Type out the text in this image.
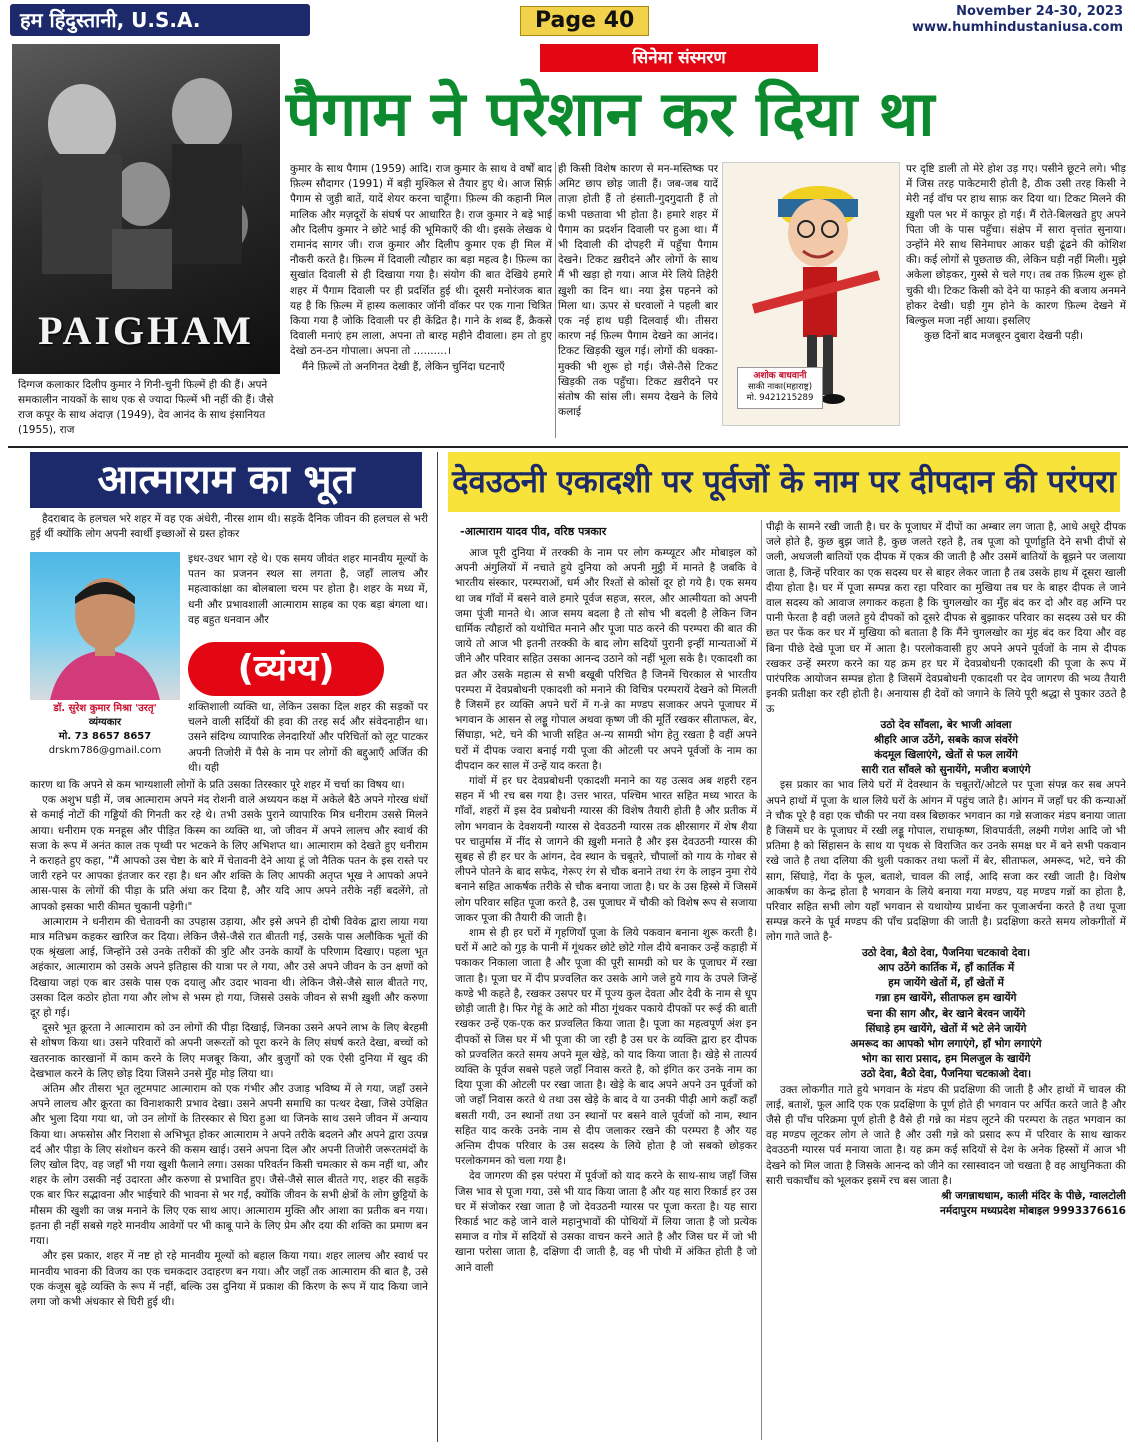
हम हिंदुस्तानी, U.S.A.	Page 40	November 24-30, 2023
www.humhindustaniusa.com
PAIGHAM
दिग्गज कलाकार दिलीप कुमार ने गिनी-चुनी फिल्में ही की हैं। अपने समकालीन नायकों के साथ एक से ज्यादा फिल्में भी नहीं की हैं। जैसे राज कपूर के साथ अंदाज़ (1949), देव आनंद के साथ इंसानियत (1955), राज
सिनेमा संस्मरण
पैगाम ने परेशान कर दिया था

कुमार के साथ पैगाम (1959) आदि। राज कुमार के साथ वे वर्षों बाद फ़िल्म सौदागर (1991) में बड़ी मुश्किल से तैयार हुए थे। आज सिर्फ़ पैगाम से जुड़ी बातें, यादें शेयर करना चाहूँगा। फ़िल्म की कहानी मिल मालिक और मज़दूरों के संघर्ष पर आधारित है। राज कुमार ने बड़े भाई और दिलीप कुमार ने छोटे भाई की भूमिकाएँ की थी। इसके लेखक थे रामानंद सागर जी। राज कुमार और दिलीप कुमार एक ही मिल में नौकरी करते है। फ़िल्म में दिवाली त्यौहार का बड़ा महत्व है। फ़िल्म का सुखांत दिवाली से ही दिखाया गया है। संयोग की बात देखिये हमारे शहर में पैगाम दिवाली पर ही प्रदर्शित हुई थी। दूसरी मनोरंजक बात यह है कि फ़िल्म में हास्य कलाकार जॉनी वॉकर पर एक गाना चित्रित किया गया है जोकि दिवाली पर ही केंद्रित है। गाने के शब्द हैं, क्रैकसे दिवाली मनाएं हम लाला, अपना तो बारह महीने दीवाला। हम तो हुए देखो ठन-ठन गोपाला। अपना तो ..........।

मैंने फ़िल्में तो अनगिनत देखी हैं, लेकिन चुनिंदा घटनाएँ

ही किसी विशेष कारण से मन-मस्तिष्क पर अमिट छाप छोड़ जाती हैं। जब-जब यादें ताज़ा होती हैं तो हंसाती-गुदगुदाती हैं तो कभी पछतावा भी होता है। हमारे शहर में पैगाम का प्रदर्शन दिवाली पर हुआ था। मैं भी दिवाली की दोपहरी में पहुँचा पैगाम देखने। टिकट ख़रीदने और लोगों के साथ मैं भी खड़ा हो गया। आज मेरे लिये तिहेरी ख़ुशी का दिन था। नया ड्रेस पहनने को मिला था। ऊपर से घरवालों ने पहली बार एक नई हाथ घड़ी दिलवाई थी। तीसरा कारण नई फ़िल्म पैगाम देखने का आनंद। टिकट खिड़की खुल गई। लोगों की धक्का-मुक्की भी शुरू हो गई। जैसे-तैसे टिकट खिड़की तक पहुँचा। टिकट ख़रीदने पर संतोष की सांस ली। समय देखने के लिये कलाई

अशोक बाधवानी
साकी नाका(महाराष्ट्र)
मो. 9421215289

पर दृष्टि डाली तो मेरे होश उड़ गए। पसीने छूटने लगे। भीड़ में जिस तरह पाकेटमारी होती है, ठीक उसी तरह किसी ने मेरी नई वॉच पर हाथ साफ़ कर दिया था। टिकट मिलने की ख़ुशी पल भर में काफूर हो गई। मैं रोते-बिलखते हुए अपने पिता जी के पास पहुँचा। संक्षेप में सारा वृत्तांत सुनाया। उन्होंने मेरे साथ सिनेमाघर आकर घड़ी ढूंढने की कोशिश की। कई लोगों से पूछताछ की, लेकिन घड़ी नहीं मिली। मुझे अकेला छोड़कर, गुस्से से चले गए। तब तक फ़िल्म शुरू हो चुकी थी। टिकट किसी को देने या फाड़ने की बजाय अनमने होकर देखी। घड़ी गुम होने के कारण फ़िल्म देखने में बिल्कुल मजा नहीं आया। इसलिए

कुछ दिनों बाद मजबूरन दुबारा देखनी पड़ी।

आत्माराम का भूत

हैदराबाद के हलचल भरे शहर में वह एक अंधेरी, नीरस शाम थी। सड़कें दैनिक जीवन की हलचल से भरी हुई थीं क्योंकि लोग अपनी स्वार्थी इच्छाओं से ग्रस्त होकर

डॉ. सुरेश कुमार मिश्रा 'उरतृ'
व्यंग्यकार
मो. 73 8657 8657
drskm786@gmail.com

इधर-उधर भाग रहे थे। एक समय जीवंत शहर मानवीय मूल्यों के पतन का प्रजनन स्थल सा लगता है, जहाँ लालच और महत्वाकांक्षा का बोलबाला चरम पर होता है। शहर के मध्य में, धनी और प्रभावशाली आत्माराम साहब का एक बड़ा बंगला था। वह बहुत धनवान और

(व्यंग्य)

शक्तिशाली व्यक्ति था, लेकिन उसका दिल शहर की सड़कों पर चलने वाली सर्दियों की हवा की तरह सर्द और संवेदनाहीन था। उसने संदिग्ध व्यापारिक लेनदारियों और परिचितों को लूट पाटकर अपनी तिजोरी में पैसे के नाम पर लोगों की बद्दुआएँ अर्जित की थी। यही

कारण था कि अपने से कम भाग्यशाली लोगों के प्रति उसका तिरस्कार पूरे शहर में चर्चा का विषय था।

एक अशुभ घड़ी में, जब आत्माराम अपने मंद रोशनी वाले अध्ययन कक्ष में अकेले बैठे अपने गोरख धंधों से कमाई नोटों की गड्डियों की गिनती कर रहे थे। तभी उसके पुराने व्यापारिक मित्र धनीराम उससे मिलने आया। धनीराम एक मनहूस और पीड़ित किस्म का व्यक्ति था, जो जीवन में अपने लालच और स्वार्थ की सजा के रूप में अनंत काल तक पृथ्वी पर भटकने के लिए अभिशप्त था। आत्माराम को देखते हुए धनीराम ने कराहते हुए कहा, "मैं आपको उस चेष्टा के बारे में चेतावनी देने आया हूं जो नैतिक पतन के इस रास्ते पर जारी रहने पर आपका इंतजार कर रहा है। धन और शक्ति के लिए आपकी अतृप्त भूख ने आपको अपने आस-पास के लोगों की पीड़ा के प्रति अंधा कर दिया है, और यदि आप अपने तरीके नहीं बदलेंगे, तो आपको इसका भारी कीमत चुकानी पड़ेगी।"

आत्माराम ने धनीराम की चेतावनी का उपहास उड़ाया, और इसे अपने ही दोषी विवेक द्वारा लाया गया मात्र मतिभ्रम कहकर खारिज कर दिया। लेकिन जैसे-जैसे रात बीतती गई, उसके पास अलौकिक भूतों की एक श्रृंखला आई, जिन्होंने उसे उनके तरीकों की त्रुटि और उनके कार्यों के परिणाम दिखाए। पहला भूत अहंकार, आत्माराम को उसके अपने इतिहास की यात्रा पर ले गया, और उसे अपने जीवन के उन क्षणों को दिखाया जहां एक बार उसके पास एक दयालु और उदार भावना थी। लेकिन जैसे-जैसे साल बीतते गए, उसका दिल कठोर होता गया और लोभ से भस्म हो गया, जिससे उसके जीवन से सभी ख़ुशी और करुणा दूर हो गई।

दूसरे भूत क्रूरता ने आत्माराम को उन लोगों की पीड़ा दिखाई, जिनका उसने अपने लाभ के लिए बेरहमी से शोषण किया था। उसने परिवारों को अपनी जरूरतों को पूरा करने के लिए संघर्ष करते देखा, बच्चों को खतरनाक कारखानों में काम करने के लिए मजबूर किया, और बुज़ुर्गों को एक ऐसी दुनिया में खुद की देखभाल करने के लिए छोड़ दिया जिसने उनसे मुँह मोड़ लिया था।

अंतिम और तीसरा भूत लूटमपाट आत्माराम को एक गंभीर और उजाड़ भविष्य में ले गया, जहाँ उसने अपने लालच और क्रूरता का विनाशकारी प्रभाव देखा। उसने अपनी समाधि का पत्थर देखा, जिसे उपेक्षित और भुला दिया गया था, जो उन लोगों के तिरस्कार से घिरा हुआ था जिनके साथ उसने जीवन में अन्याय किया था। अफसोस और निराशा से अभिभूत होकर आत्माराम ने अपने तरीके बदलने और अपने द्वारा उत्पन्न दर्द और पीड़ा के लिए संशोधन करने की कसम खाई। उसने अपना दिल और अपनी तिजोरी जरूरतमंदों के लिए खोल दिए, वह जहाँ भी गया खुशी फैलाने लगा। उसका परिवर्तन किसी चमत्कार से कम नहीं था, और शहर के लोग उसकी नई उदारता और करुणा से प्रभावित हुए। जैसे-जैसे साल बीतते गए, शहर की सड़कें एक बार फिर सद्भावना और भाईचारे की भावना से भर गईं, क्योंकि जीवन के सभी क्षेत्रों के लोग छुट्टियों के मौसम की खुशी का जश्न मनाने के लिए एक साथ आए। आत्माराम मुक्ति और आशा का प्रतीक बन गया। इतना ही नहीं सबसे गहरे मानवीय आवेगों पर भी काबू पाने के लिए प्रेम और दया की शक्ति का प्रमाण बन गया।

और इस प्रकार, शहर में नष्ट हो रहे मानवीय मूल्यों को बहाल किया गया। शहर लालच और स्वार्थ पर मानवीय भावना की विजय का एक चमकदार उदाहरण बन गया। और जहाँ तक आत्माराम की बात है, उसे एक कंजूस बूढ़े व्यक्ति के रूप में नहीं, बल्कि उस दुनिया में प्रकाश की किरण के रूप में याद किया जाने लगा जो कभी अंधकार से घिरी हुई थी।

देवउठनी एकादशी पर पूर्वजों के नाम पर दीपदान की परंपरा
-आत्माराम यादव पीव, वरिष्ठ पत्रकार

आज पूरी दुनिया में तरक्की के नाम पर लोग कम्प्यूटर और मोबाइल को अपनी अंगुलियों में नचाते हुये दुनिया को अपनी मुट्ठी में मानते है जबकि वे भारतीय संस्कार, परम्पराओं, धर्म और रिश्तों से कोसों दूर हो गये है। एक समय था जब गाँवों में बसने वाले हमारे पूर्वज सहज, सरल, और आत्मीयता को अपनी जमा पूंजी मानते थे। आज समय बदला है तो सोच भी बदली है लेकिन जिन धार्मिक त्यौहारों को यथोचित मनाने और पूजा पाठ करने की परम्परा की बात की जाये तो आज भी इतनी तरक्की के बाद लोग सदियों पुरानी इन्हीं मान्यताओं में जीने और परिवार सहित उसका आनन्द उठाने को नहीं भूला सके है। एकादशी का व्रत और उसके महात्म से सभी बखूबी परिचित है जिनमें चिरकाल से भारतीय परम्परा में देवप्रबोधनी एकादशी को मनाने की विचित्र परम्परायें देखने को मिलती है जिसमें हर व्यक्ति अपने घरों में ग-न्ने का मण्डप सजाकर अपने पूजाघर में भगवान के आसन से लड्डू गोपाल अथवा कृष्ण जी की मूर्ति रखकर सीताफल, बेर, सिंघाड़ा, भटे, चने की भाजी सहित अ-न्य सामग्री भोग हेतु रखता है वहीं अपने घरों में दीपक ज्वारा बनाई गयी पूजा की ओटली पर अपने पूर्वजों के नाम का दीपदान कर साल में उन्हें याद करता है।

गांवों में हर घर देवप्रबोधनी एकादशी मनाने का यह उत्सव अब शहरी रहन सहन में भी रच बस गया है। उत्तर भारत, पश्चिम भारत सहित मध्य भारत के गाँवों, शहरों में इस देव प्रबोधनी ग्यारस की विशेष तैयारी होती है और प्रतीक में लोग भगवान के देवशयनी ग्यारस से देवउठनी ग्यारस तक क्षीरसागर में शेष शैया पर चातुर्मास में नींद से जागने की ख़ुशी मनाते है और इस देवउठनी ग्यारस की सुबह से ही हर घर के आंगन, देव स्थान के चबूतरे, चौपालों को गाय के गोबर से लीपने पोतने के बाद सफेद, गेरूए रंग से चौक बनाने तथा रंग के लाइन नुमा रोये बनाने सहित आकर्षक तरीके से चौक बनाया जाता है। घर के उस हिस्से में जिसमें लोग परिवार सहित पूजा करते है, उस पूजाघर में चौकी को विशेष रूप से सजाया जाकर पूजा की तैयारी की जाती है।

शाम से ही हर घरों में गृहणियाँ पूजा के लिये पकवान बनाना शुरू करती है। घरों में आटे को गुड़ के पानी में गूंथकर छोटे छोटे गोल दीये बनाकर उन्हें कड़ाही में पकाकर निकाला जाता है और पूजा की पूरी सामग्री को घर के पूजाघर में रखा जाता है। पूजा घर में दीप प्रज्वलित कर उसके आगे जले हुये गाय के उपले जिन्हें कण्डे भी कहते है, रखकर उसपर घर में पूज्य कुल देवता और देवी के नाम से धूप छोड़ी जाती है। फिर गेहूं के आटे को मीठा गूंथकर पकाये दीपकों पर रूई की बाती रखकर उन्हें एक-एक कर प्रज्वलित किया जाता है। पूजा का महत्वपूर्ण अंश इन दीपकों से जिस घर में भी पूजा की जा रही है उस घर के व्यक्ति द्वारा हर दीपक को प्रज्वलित करते समय अपने मूल खेड़े, को याद किया जाता है। खेड़े से तात्पर्य व्यक्ति के पूर्वज सबसे पहले जहाँ निवास करते है, को इंगित कर उनके नाम का दिया पूजा की ओटली पर रखा जाता है। खेड़े के बाद अपने अपने उन पूर्वजों को जो जहाँ निवास करते थे तथा उस खेड़े के बाद वे या उनकी पीढ़ी आगे कहाँ कहाँ बसती गयी, उन स्थानों तथा उन स्थानों पर बसने वाले पूर्वजों को नाम, स्थान सहित याद करके उनके नाम से दीप जलाकर रखने की परम्परा है और यह अन्तिम दीपक परिवार के उस सदस्य के लिये होता है जो सबको छोड़कर परलोकगमन को चला गया है।

देव जागरण की इस परंपरा में पूर्वजों को याद करने के साथ-साथ जहाँ जिस जिस भाव से पूजा गया, उसे भी याद किया जाता है और यह सारा रिकार्ड हर उस घर में संजोकर रखा जाता है जो देवउठनी ग्यारस पर पूजा करता है। यह सारा रिकार्ड भाट कहे जाने वाले महानुभावों की पोथियों में लिया जाता है जो प्रत्येक समाज व गोत्र में सदियों से उसका वाचन करने आते है और जिस घर में जो भी खाना परोसा जाता है, दक्षिणा दी जाती है, वह भी पोथी में अंकित होती है जो आने वाली

पीढ़ी के सामने रखी जाती है। घर के पूजाघर में दीपों का अम्बार लग जाता है, आधे अधूरे दीपक जले होते है, कुछ बुझ जाते है, कुछ जलते रहते है, तब पूजा को पूर्णाहुति देने सभी दीपों से जली, अधजली बातियों एक दीपक में एकत्र की जाती है और उसमें बातियों के बूझने पर जलाया जाता है, जिन्हें परिवार का एक सदस्य घर से बाहर लेकर जाता है तब उसके हाथ में दूसरा खाली दीया होता है। घर में पूजा सम्पन्न करा रहा परिवार का मुखिया तब घर के बाहर दीपक ले जाने वाल सदस्य को आवाज लगाकर कहता है कि चुगलखोर का मुँह बंद कर दो और वह अग्नि पर पानी फेरता है वही जलते हुये दीपकों को दूसरे दीपक से बुझाकर परिवार का सदस्य उसे घर की छत पर फेंक कर घर में मुखिया को बताता है कि मैंने चुगलखोर का मुंह बंद कर दिया और वह बिना पीछे देखे पूजा घर में आता है। परलोकवासी हुए अपने अपने पूर्वजों के नाम से दीपक रखकर उन्हें स्मरण करने का यह क्रम हर घर में देवप्रबोधनी एकादशी की पूजा के रूप में पारंपरिक आयोजन सम्पन्न होता है जिसमें देवप्रबोधनी एकादशी पर देव जागरण की भव्य तैयारी इनकी प्रतीक्षा कर रही होती है। अनायास ही देवों को जगाने के लिये पूरी श्रद्धा से पुकार उठते है ऊ

उठो देव साँवला, बेर भाजी आंवला
श्रीहरि आज उठेंगे, सबके काज संवरेंगे
कंदमूल खिलाएंगे, खेतों से फल लायेंगे
सारी रात साँवले को सुनायेंगे, मजीरा बजाएंगे

इस प्रकार का भाव लिये घरों में देवस्थान के चबूतरों/ओटले पर पूजा संपन्न कर सब अपने अपने हाथों में पूजा के थाल लिये घरों के आंगन में पहुंच जाते है। आंगन में जहाँ घर की कन्याओं ने चौक पूरे है वहा एक चौकी पर नया वस्त्र बिछाकर भगवान का गन्ने सजाकर मंडप बनाया जाता है जिसमें घर के पूजाघर में रखी लड्डू गोपाल, राधाकृष्ण, शिवपार्वती, लक्ष्मी गणेश आदि जो भी प्रतिमा है को सिंहासन के साथ या पृथक से विराजित कर उनके समक्ष घर में बने सभी पकवान रखे जाते है तथा दलिया की थुली पकाकर तथा फलों में बेर, सीताफल, अमरूद, भटे, चने की साग, सिंघाड़े, गेंदा के फूल, बताशे, चावल की लाई, आदि सजा कर रखी जाती है। विशेष आकर्षण का केन्द्र होता है भगवान के लिये बनाया गया मण्डप, यह मण्डप गन्नों का होता है, परिवार सहित सभी लोग यहाँ भगवान से यथायोग्य प्रार्थना कर पूजाअर्चना करते है तथा पूजा सम्पन्न करने के पूर्व मण्डप की पाँच प्रदक्षिणा की जाती है। प्रदक्षिणा करते समय लोकगीतों में लोग गाते जाते है-

उठो देवा, बैठो देवा, पैजनिया चटकावो देवा।
आप उठेंगे कार्तिक में, हाँ कार्तिक में
हम जायेंगे खेतों में, हाँ खेतों में
गन्ना हम खायेंगे, सीताफल हम खायेंगे
चना की साग और, बेर खाने बेरवन जायेंगे
सिंघाड़े हम खायेंगे, खेतों में भटे लेने जायेंगे
अमरूद का आपको भोग लगाएंगे, हाँ भोग लगाएंगे
भोग का सारा प्रसाद, हम मिलजुल के खायेंगे
उठो देवा, बैठो देवा, पैजनिया चटकाओ देवा।

उक्त लोकगीत गाते हुये भगवान के मंडप की प्रदक्षिणा की जाती है और हाथों में चावल की लाई, बताशें, फूल आदि एक एक प्रदक्षिणा के पूर्ण होते ही भगवान पर अर्पित करते जाते है और जैसे ही पाँच परिक्रमा पूर्ण होती है वैसे ही गन्ने का मंडप लूटने की परम्परा के तहत भगवान का वह मण्डप लूटकर लोग ले जाते है और उसी गन्ने को प्रसाद रूप में परिवार के साथ खाकर देवउठनी ग्यारस पर्व मनाया जाता है। यह क्रम कई सदियों से देश के अनेक हिस्सों में आज भी देखने को मिल जाता है जिसके आनन्द को जीने का रसास्वादन जो चखता है वह आधुनिकता की सारी चकाचौंध को भूलकर इसमें रच बस जाता है।

श्री जगन्नाथधाम, काली मंदिर के पीछे, ग्वालटोली
नर्मदापुरम मध्यप्रदेश मोबाइल 9993376616
